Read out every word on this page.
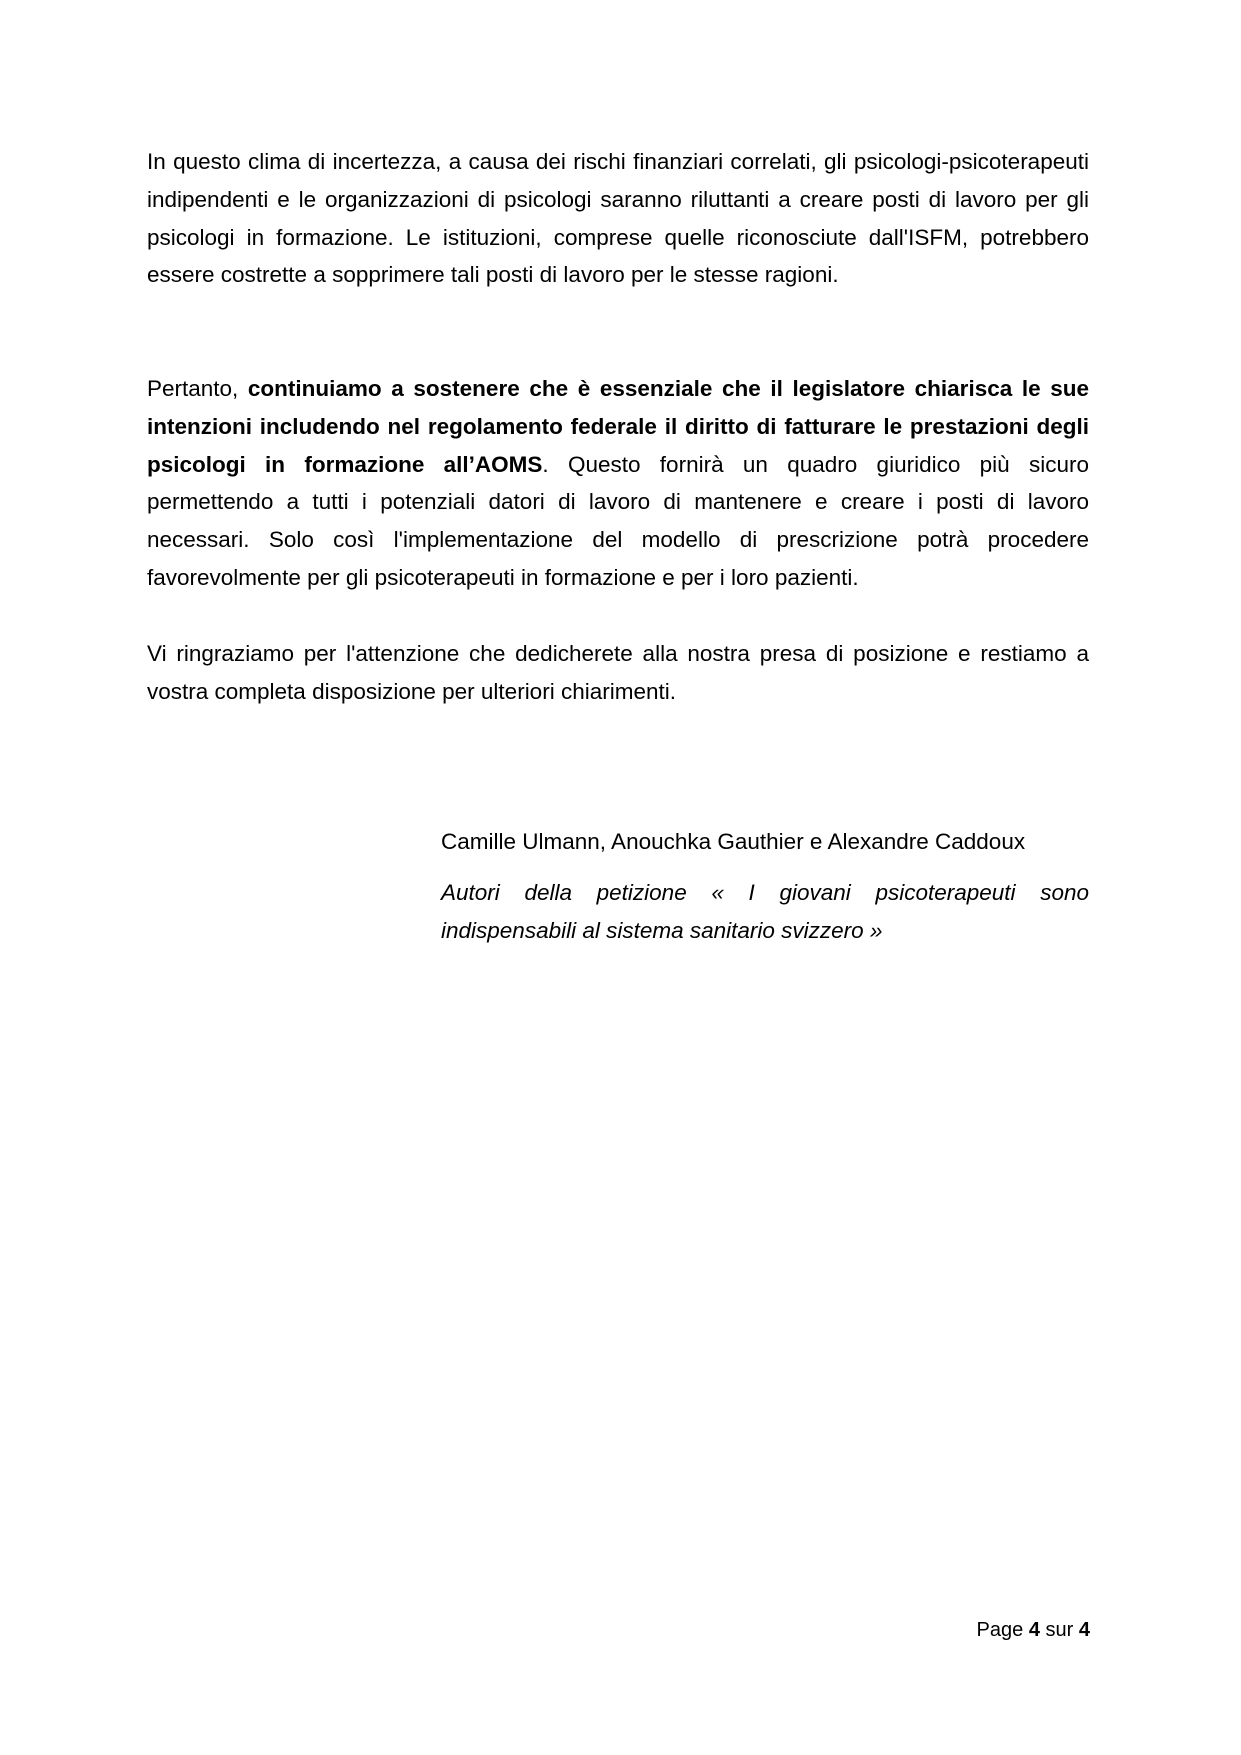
In questo clima di incertezza, a causa dei rischi finanziari correlati, gli psicologi-psicoterapeuti indipendenti e le organizzazioni di psicologi saranno riluttanti a creare posti di lavoro per gli psicologi in formazione. Le istituzioni, comprese quelle riconosciute dall'ISFM, potrebbero essere costrette a sopprimere tali posti di lavoro per le stesse ragioni.

Pertanto, continuiamo a sostenere che è essenziale che il legislatore chiarisca le sue intenzioni includendo nel regolamento federale il diritto di fatturare le prestazioni degli psicologi in formazione all’AOMS. Questo fornirà un quadro giuridico più sicuro permettendo a tutti i potenziali datori di lavoro di mantenere e creare i posti di lavoro necessari. Solo così l'implementazione del modello di prescrizione potrà procedere favorevolmente per gli psicoterapeuti in formazione e per i loro pazienti.

Vi ringraziamo per l'attenzione che dedicherete alla nostra presa di posizione e restiamo a vostra completa disposizione per ulteriori chiarimenti.

Camille Ulmann, Anouchka Gauthier e Alexandre Caddoux

Autori della petizione « I giovani psicoterapeuti sono indispensabili al sistema sanitario svizzero »

Page 4 sur 4
